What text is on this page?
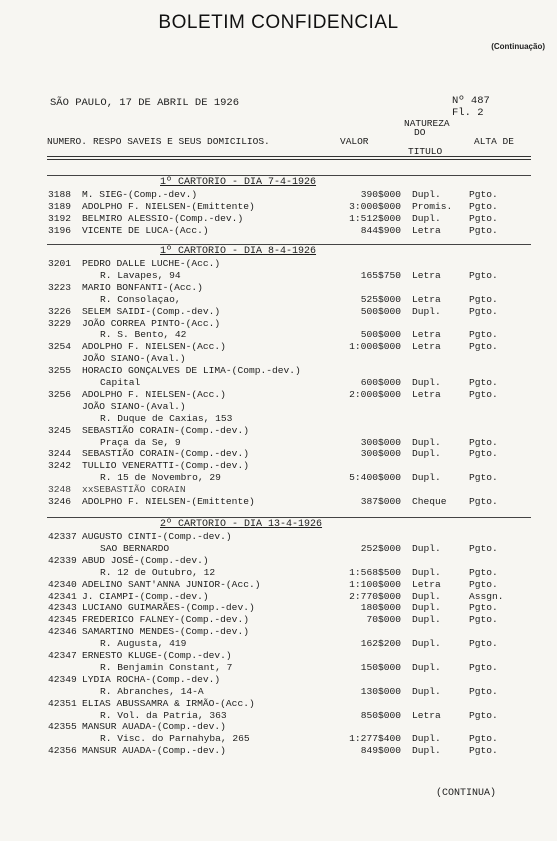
BOLETIM CONFIDENCIAL
(Continuação)
SÃO PAULO, 17 DE ABRIL DE 1926	Nº 487
Fl. 2
NUMERO. RESPO SAVEIS E SEUS DOMICILIOS.	VALOR
NATUREZA
DO
TITULO
ALTA DE
1º CARTORIO - DIA 7-4-1926
3188	M. SIEG-(Comp.-dev.)	390$000 Dupl.	Pgto.
3189	ADOLPHO F. NIELSEN-(Emittente)	3:000$000 Promis. Pgto.
3192	BELMIRO ALESSIO-(Comp.-dev.)	1:512$000 Dupl.	Pgto.
3196	VICENTE DE LUCA-(Acc.)	844$900 Letra	Pgto.
1º CARTORIO - DIA 8-4-1926
3201	PEDRO DALLE LUCHE-(Acc.)
R. Lavapes, 94	165$750 Letra	Pgto.
3223	MARIO BONFANTI-(Acc.)
R. Consolaçao,	525$000 Letra	Pgto.
3226	SELEM SAIDI-(Comp.-dev.)	500$000 Dupl.	Pgto.
3229	JOÃO CORREA PINTO-(Acc.)
R. S. Bento, 42	500$000 Letra	Pgto.
3254	ADOLPHO F. NIELSEN-(Acc.)	1:000$000 Letra	Pgto.
JOÃO SIANO-(Aval.)
3255	HORACIO GONÇALVES DE LIMA-(Comp.-dev.)
Capital	600$000 Dupl.	Pgto.
3256	ADOLPHO F. NIELSEN-(Acc.)	2:000$000 Letra	Pgto.
JOÃO SIANO-(Aval.)
R. Duque de Caxias, 153
3245	SEBASTIÃO CORAIN-(Comp.-dev.)
Praça da Se, 9	300$000 Dupl.	Pgto.
3244	SEBASTIÃO CORAIN-(Comp.-dev.)	300$000 Dupl.	Pgto.
3242	TULLIO VENERATTI-(Comp.-dev.)
R. 15 de Novembro, 29	5:400$000 Dupl.	Pgto.
3248	xxSEBASTIÃO CORAIN
3246	ADOLPHO F. NIELSEN-(Emittente)	387$000 Cheque Pgto.
2º CARTORIO - DIA 13-4-1926
42337 AUGUSTO CINTI-(Comp.-dev.)
SAO BERNARDO	252$000 Dupl.	Pgto.
42339 ABUD JOSÉ-(Comp.-dev.)
R. 12 de Outubro, 12	1:568$500 Dupl.	Pgto.
42340 ADELINO SANT'ANNA JUNIOR-(Acc.)	1:100$000 Letra	Pgto.
42341 J. CIAMPI-(Comp.-dev.)	2:770$000 Dupl.	Assgn.
42343 LUCIANO GUIMARÃES-(Comp.-dev.)	180$000 Dupl.	Pgto.
42345 FREDERICO FALNEY-(Comp.-dev.)	70$000 Dupl.	Pgto.
42346 SAMARTINO MENDES-(Comp.-dev.)
R. Augusta, 419	162$200 Dupl.	Pgto.
42347 ERNESTO KLUGE-(Comp.-dev.)
R. Benjamin Constant, 7	150$000 Dupl.	Pgto.
42349 LYDIA ROCHA-(Comp.-dev.)
R. Abranches, 14-A	130$000 Dupl.	Pgto.
42351 ELIAS ABUSSAMRA & IRMÃO-(Acc.)
R. Vol. da Patria, 363	850$000 Letra	Pgto.
42355 MANSUR AUADA-(Comp.-dev.)
R. Visc. do Parnahyba, 265	1:277$400 Dupl.	Pgto.
42356 MANSUR AUADA-(Comp.-dev.)	849$000 Dupl.	Pgto.
(CONTINUA)
